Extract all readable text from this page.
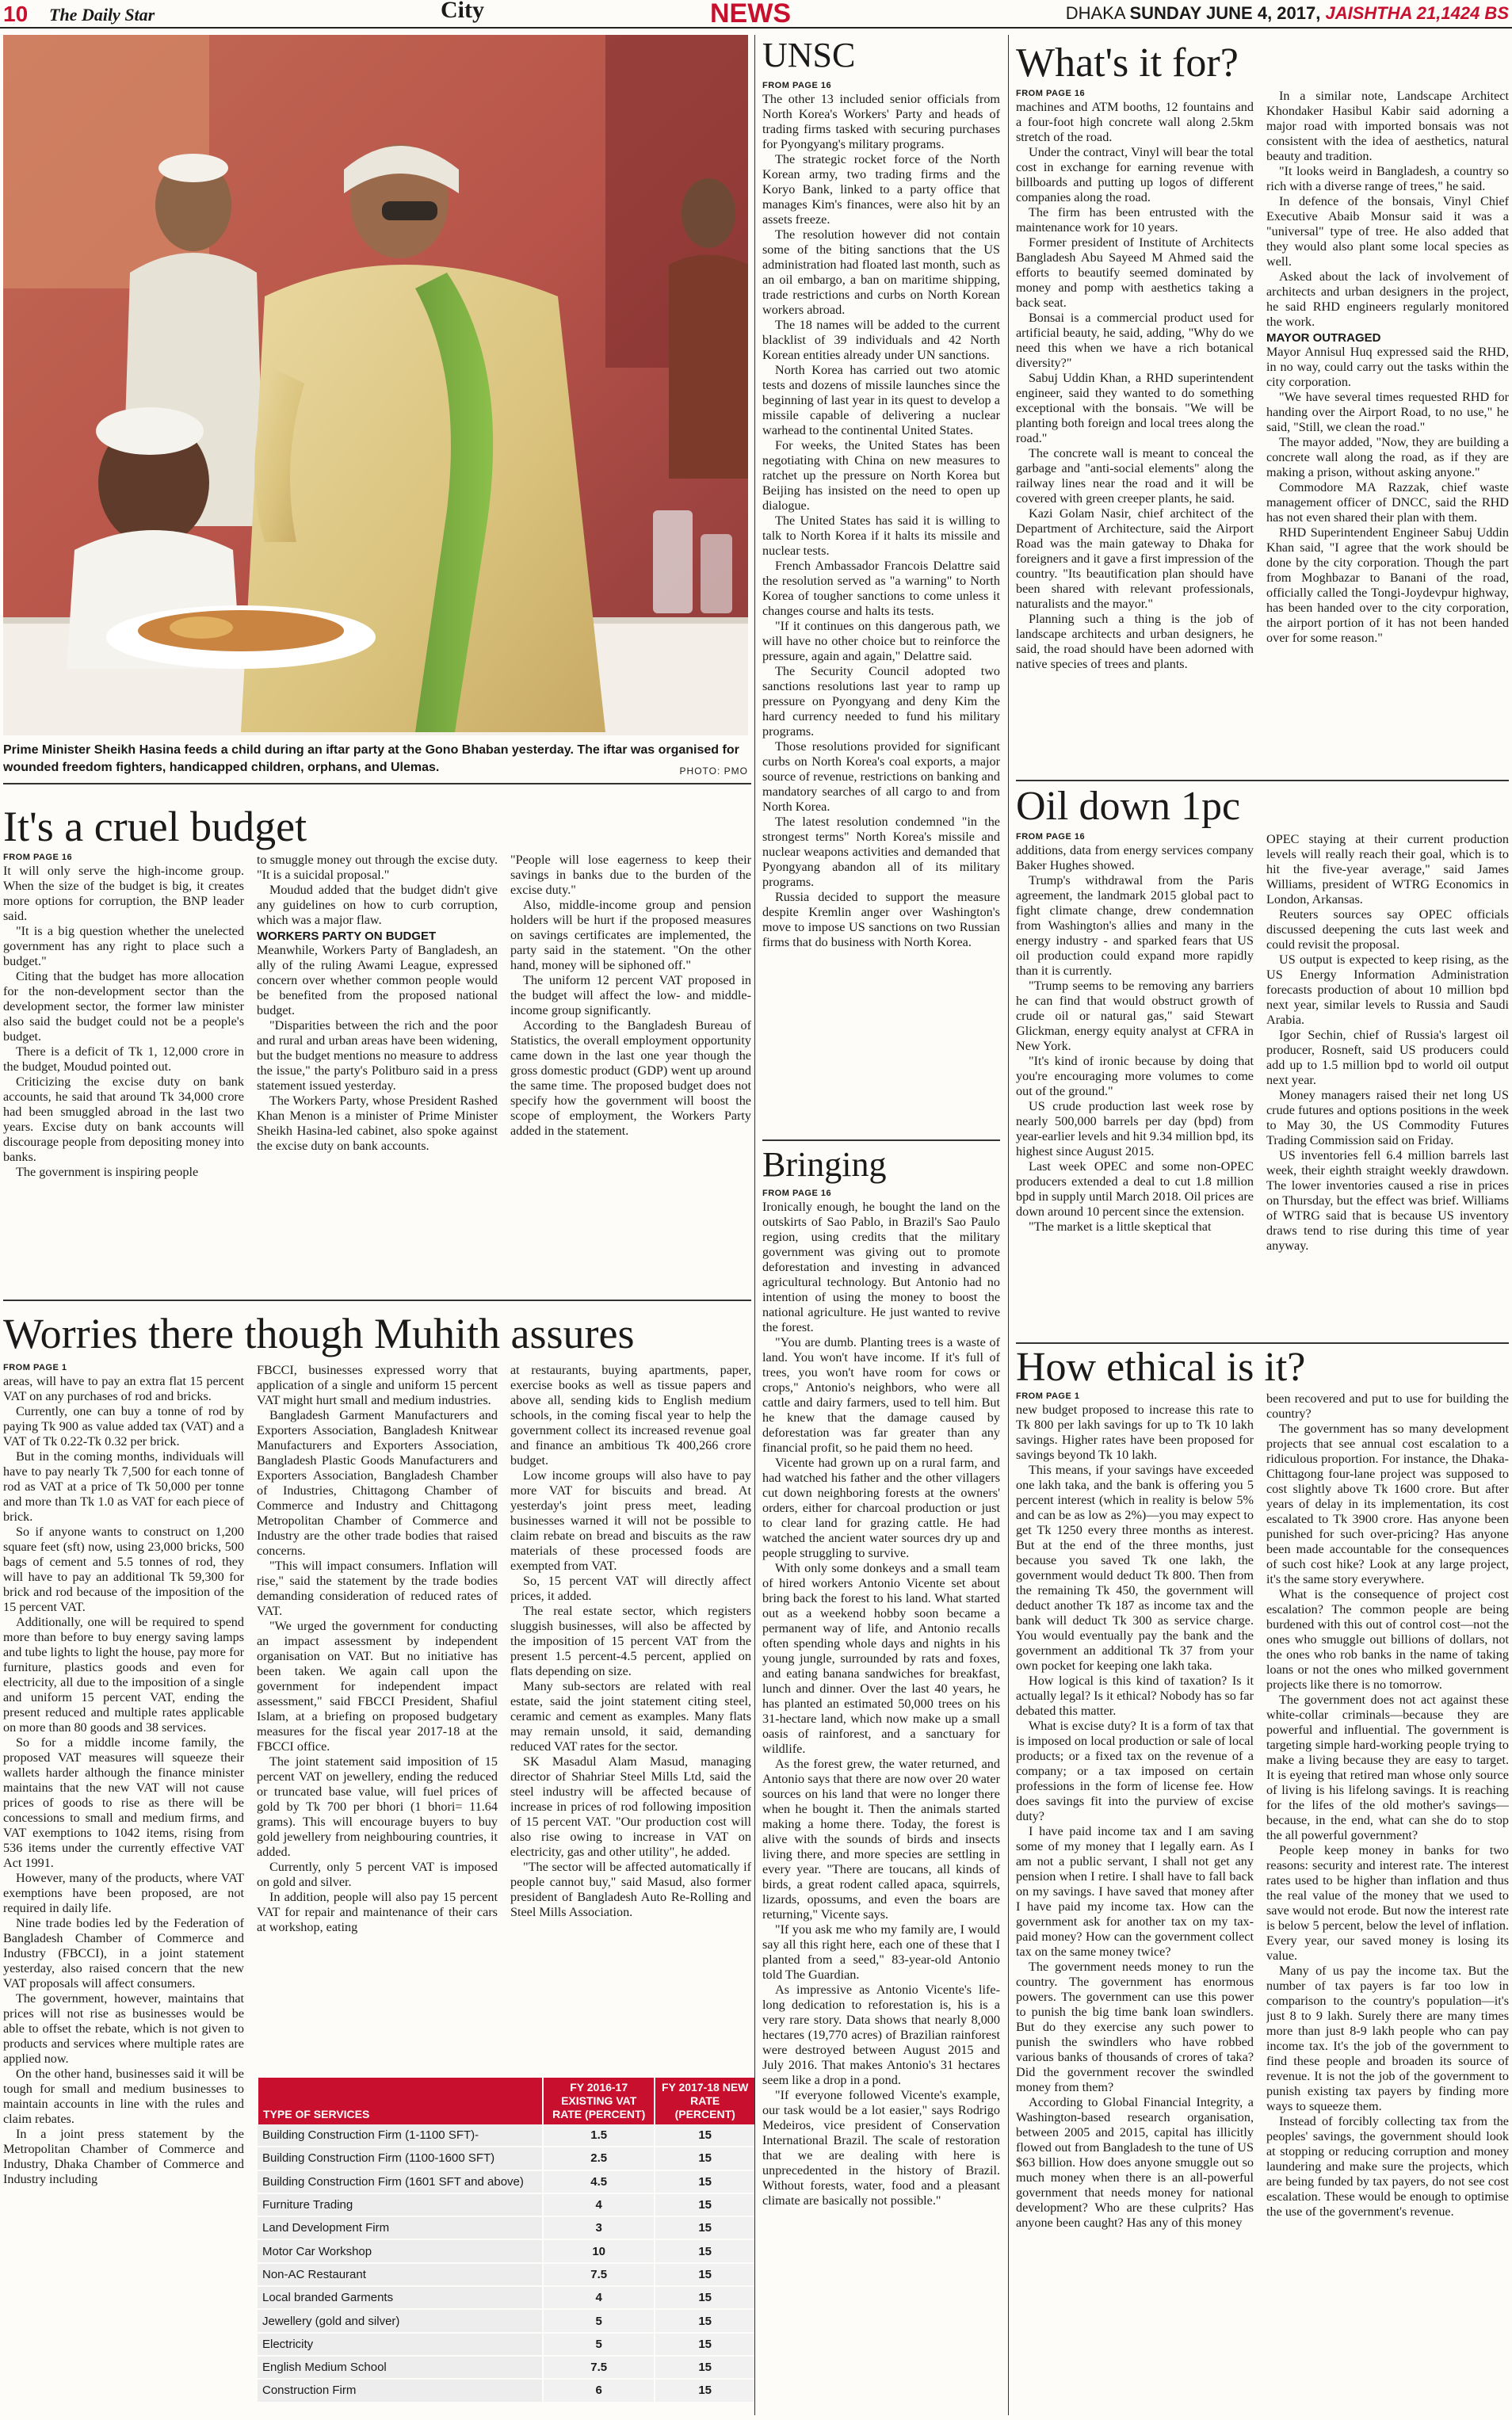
10 The Daily Star	City	NEWS	DHAKA SUNDAY JUNE 4, 2017, JAISHTHA 21,1424 BS
Prime Minister Sheikh Hasina feeds a child during an iftar party at the Gono Bhaban yesterday. The iftar was organised for wounded freedom fighters, handicapped children, orphans, and Ulemas.	PHOTO: PMO
It's a cruel budget
FROM PAGE 16

It will only serve the high-income group. When the size of the budget is big, it creates more options for corruption, the BNP leader said.

"It is a big question whether the unelected government has any right to place such a budget."

Citing that the budget has more allocation for the non-development sector than the development sector, the former law minister also said the budget could not be a people's budget.

There is a deficit of Tk 1, 12,000 crore in the budget, Moudud pointed out.

Criticizing the excise duty on bank accounts, he said that around Tk 34,000 crore had been smuggled abroad in the last two years. Excise duty on bank accounts will discourage people from depositing money into banks.

The government is inspiring people

to smuggle money out through the excise duty. "It is a suicidal proposal."

Moudud added that the budget didn't give any guidelines on how to curb corruption, which was a major flaw.

WORKERS PARTY ON BUDGET

Meanwhile, Workers Party of Bangladesh, an ally of the ruling Awami League, expressed concern over whether common people would be benefited from the proposed national budget.

"Disparities between the rich and the poor and rural and urban areas have been widening, but the budget mentions no measure to address the issue," the party's Politburo said in a press statement issued yesterday.

The Workers Party, whose President Rashed Khan Menon is a minister of Prime Minister Sheikh Hasina-led cabinet, also spoke against the excise duty on bank accounts.

"People will lose eagerness to keep their savings in banks due to the burden of the excise duty."

Also, middle-income group and pension holders will be hurt if the proposed measures on savings certificates are implemented, the party said in the statement. "On the other hand, money will be siphoned off."

The uniform 12 percent VAT proposed in the budget will affect the low- and middle- income group significantly.

According to the Bangladesh Bureau of Statistics, the overall employment opportunity came down in the last one year though the gross domestic product (GDP) went up around the same time. The proposed budget does not specify how the government will boost the scope of employment, the Workers Party added in the statement.

Worries there though Muhith assures
FROM PAGE 1

areas, will have to pay an extra flat 15 percent VAT on any purchases of rod and bricks.

Currently, one can buy a tonne of rod by paying Tk 900 as value added tax (VAT) and a VAT of Tk 0.22-Tk 0.32 per brick.

But in the coming months, individuals will have to pay nearly Tk 7,500 for each tonne of rod as VAT at a price of Tk 50,000 per tonne and more than Tk 1.0 as VAT for each piece of brick.

So if anyone wants to construct on 1,200 square feet (sft) now, using 23,000 bricks, 500 bags of cement and 5.5 tonnes of rod, they will have to pay an additional Tk 59,300 for brick and rod because of the imposition of the 15 percent VAT.

Additionally, one will be required to spend more than before to buy energy saving lamps and tube lights to light the house, pay more for furniture, plastics goods and even for electricity, all due to the imposition of a single and uniform 15 percent VAT, ending the present reduced and multiple rates applicable on more than 80 goods and 38 services.

So for a middle income family, the proposed VAT measures will squeeze their wallets harder although the finance minister maintains that the new VAT will not cause prices of goods to rise as there will be concessions to small and medium firms, and VAT exemptions to 1042 items, rising from 536 items under the currently effective VAT Act 1991.

However, many of the products, where VAT exemptions have been proposed, are not required in daily life.

Nine trade bodies led by the Federation of Bangladesh Chamber of Commerce and Industry (FBCCI), in a joint statement yesterday, also raised concern that the new VAT proposals will affect consumers.

The government, however, maintains that prices will not rise as businesses would be able to offset the rebate, which is not given to products and services where multiple rates are applied now.

On the other hand, businesses said it will be tough for small and medium businesses to maintain accounts in line with the rules and claim rebates.

In a joint press statement by the Metropolitan Chamber of Commerce and Industry, Dhaka Chamber of Commerce and Industry including

FBCCI, businesses expressed worry that application of a single and uniform 15 percent VAT might hurt small and medium industries.

Bangladesh Garment Manufacturers and Exporters Association, Bangladesh Knitwear Manufacturers and Exporters Association, Bangladesh Plastic Goods Manufacturers and Exporters Association, Bangladesh Chamber of Industries, Chittagong Chamber of Commerce and Industry and Chittagong Metropolitan Chamber of Commerce and Industry are the other trade bodies that raised concerns.

"This will impact consumers. Inflation will rise," said the statement by the trade bodies demanding consideration of reduced rates of VAT.

"We urged the government for conducting an impact assessment by independent organisation on VAT. But no initiative has been taken. We again call upon the government for independent impact assessment," said FBCCI President, Shafiul Islam, at a briefing on proposed budgetary measures for the fiscal year 2017-18 at the FBCCI office.

The joint statement said imposition of 15 percent VAT on jewellery, ending the reduced or truncated base value, will fuel prices of gold by Tk 700 per bhori (1 bhori= 11.64 grams). This will encourage buyers to buy gold jewellery from neighbouring countries, it added.

Currently, only 5 percent VAT is imposed on gold and silver.

In addition, people will also pay 15 percent VAT for repair and maintenance of their cars at workshop, eating

at restaurants, buying apartments, paper, exercise books as well as tissue papers and above all, sending kids to English medium schools, in the coming fiscal year to help the government collect its increased revenue goal and finance an ambitious Tk 400,266 crore budget.

Low income groups will also have to pay more VAT for biscuits and bread. At yesterday's joint press meet, leading businesses warned it will not be possible to claim rebate on bread and biscuits as the raw materials of these processed foods are exempted from VAT.

So, 15 percent VAT will directly affect prices, it added.

The real estate sector, which registers sluggish businesses, will also be affected by the imposition of 15 percent VAT from the present 1.5 percent-4.5 percent, applied on flats depending on size.

Many sub-sectors are related with real estate, said the joint statement citing steel, ceramic and cement as examples. Many flats may remain unsold, it said, demanding reduced VAT rates for the sector.

SK Masadul Alam Masud, managing director of Shahriar Steel Mills Ltd, said the steel industry will be affected because of increase in prices of rod following imposition of 15 percent VAT. "Our production cost will also rise owing to increase in VAT on electricity, gas and other utility", he added.

"The sector will be affected automatically if people cannot buy," said Masud, also former president of Bangladesh Auto Re-Rolling and Steel Mills Association.

TYPE OF SERVICES	FY 2016-17 EXISTING VAT RATE (PERCENT)	FY 2017-18 NEW RATE (PERCENT)
Building Construction Firm (1-1100 SFT)-	1.5	15
Building Construction Firm (1100-1600 SFT)	2.5	15
Building Construction Firm (1601 SFT and above)	4.5	15
Furniture Trading	4	15
Land Development Firm	3	15
Motor Car Workshop	10	15
Non-AC Restaurant	7.5	15
Local branded Garments	4	15
Jewellery (gold and silver)	5	15
Electricity	5	15
English Medium School	7.5	15
Construction Firm	6	15
UNSC
FROM PAGE 16

The other 13 included senior officials from North Korea's Workers' Party and heads of trading firms tasked with securing purchases for Pyongyang's military programs.

The strategic rocket force of the North Korean army, two trading firms and the Koryo Bank, linked to a party office that manages Kim's finances, were also hit by an assets freeze.

The resolution however did not contain some of the biting sanctions that the US administration had floated last month, such as an oil embargo, a ban on maritime shipping, trade restrictions and curbs on North Korean workers abroad.

The 18 names will be added to the current blacklist of 39 individuals and 42 North Korean entities already under UN sanctions.

North Korea has carried out two atomic tests and dozens of missile launches since the beginning of last year in its quest to develop a missile capable of delivering a nuclear warhead to the continental United States.

For weeks, the United States has been negotiating with China on new measures to ratchet up the pressure on North Korea but Beijing has insisted on the need to open up dialogue.

The United States has said it is willing to talk to North Korea if it halts its missile and nuclear tests.

French Ambassador Francois Delattre said the resolution served as "a warning" to North Korea of tougher sanctions to come unless it changes course and halts its tests.

"If it continues on this dangerous path, we will have no other choice but to reinforce the pressure, again and again," Delattre said.

The Security Council adopted two sanctions resolutions last year to ramp up pressure on Pyongyang and deny Kim the hard currency needed to fund his military programs.

Those resolutions provided for significant curbs on North Korea's coal exports, a major source of revenue, restrictions on banking and mandatory searches of all cargo to and from North Korea.

The latest resolution condemned "in the strongest terms" North Korea's missile and nuclear weapons activities and demanded that Pyongyang abandon all of its military programs.

Russia decided to support the measure despite Kremlin anger over Washington's move to impose US sanctions on two Russian firms that do business with North Korea.

Bringing
FROM PAGE 16

Ironically enough, he bought the land on the outskirts of Sao Pablo, in Brazil's Sao Paulo region, using credits that the military government was giving out to promote deforestation and investing in advanced agricultural technology. But Antonio had no intention of using the money to boost the national agriculture. He just wanted to revive the forest.

"You are dumb. Planting trees is a waste of land. You won't have income. If it's full of trees, you won't have room for cows or crops," Antonio's neighbors, who were all cattle and dairy farmers, used to tell him. But he knew that the damage caused by deforestation was far greater than any financial profit, so he paid them no heed.

Vicente had grown up on a rural farm, and had watched his father and the other villagers cut down neighboring forests at the owners' orders, either for charcoal production or just to clear land for grazing cattle. He had watched the ancient water sources dry up and people struggling to survive.

With only some donkeys and a small team of hired workers Antonio Vicente set about bring back the forest to his land. What started out as a weekend hobby soon became a permanent way of life, and Antonio recalls often spending whole days and nights in his young jungle, surrounded by rats and foxes, and eating banana sandwiches for breakfast, lunch and dinner. Over the last 40 years, he has planted an estimated 50,000 trees on his 31-hectare land, which now make up a small oasis of rainforest, and a sanctuary for wildlife.

As the forest grew, the water returned, and Antonio says that there are now over 20 water sources on his land that were no longer there when he bought it. Then the animals started making a home there. Today, the forest is alive with the sounds of birds and insects living there, and more species are settling in every year. "There are toucans, all kinds of birds, a great rodent called apaca, squirrels, lizards, opossums, and even the boars are returning," Vicente says.

"If you ask me who my family are, I would say all this right here, each one of these that I planted from a seed," 83-year-old Antonio told The Guardian.

As impressive as Antonio Vicente's life-long dedication to reforestation is, his is a very rare story. Data shows that nearly 8,000 hectares (19,770 acres) of Brazilian rainforest were destroyed between August 2015 and July 2016. That makes Antonio's 31 hectares seem like a drop in a pond.

"If everyone followed Vicente's example, our task would be a lot easier," says Rodrigo Medeiros, vice president of Conservation International Brazil. The scale of restoration that we are dealing with here is unprecedented in the history of Brazil. Without forests, water, food and a pleasant climate are basically not possible."

What's it for?
FROM PAGE 16

machines and ATM booths, 12 fountains and a four-foot high concrete wall along 2.5km stretch of the road.

Under the contract, Vinyl will bear the total cost in exchange for earning revenue with billboards and putting up logos of different companies along the road.

The firm has been entrusted with the maintenance work for 10 years.

Former president of Institute of Architects Bangladesh Abu Sayeed M Ahmed said the efforts to beautify seemed dominated by money and pomp with aesthetics taking a back seat.

Bonsai is a commercial product used for artificial beauty, he said, adding, "Why do we need this when we have a rich botanical diversity?"

Sabuj Uddin Khan, a RHD superintendent engineer, said they wanted to do something exceptional with the bonsais. "We will be planting both foreign and local trees along the road."

The concrete wall is meant to conceal the garbage and "anti-social elements" along the railway lines near the road and it will be covered with green creeper plants, he said.

Kazi Golam Nasir, chief architect of the Department of Architecture, said the Airport Road was the main gateway to Dhaka for foreigners and it gave a first impression of the country. "Its beautification plan should have been shared with relevant professionals, naturalists and the mayor."

Planning such a thing is the job of landscape architects and urban designers, he said, the road should have been adorned with native species of trees and plants.

In a similar note, Landscape Architect Khondaker Hasibul Kabir said adorning a major road with imported bonsais was not consistent with the idea of aesthetics, natural beauty and tradition.

"It looks weird in Bangladesh, a country so rich with a diverse range of trees," he said.

In defence of the bonsais, Vinyl Chief Executive Abaib Monsur said it was a "universal" type of tree. He also added that they would also plant some local species as well.

Asked about the lack of involvement of architects and urban designers in the project, he said RHD engineers regularly monitored the work.

MAYOR OUTRAGED

Mayor Annisul Huq expressed said the RHD, in no way, could carry out the tasks within the city corporation.

"We have several times requested RHD for handing over the Airport Road, to no use," he said, "Still, we clean the road."

The mayor added, "Now, they are building a concrete wall along the road, as if they are making a prison, without asking anyone."

Commodore MA Razzak, chief waste management officer of DNCC, said the RHD has not even shared their plan with them.

RHD Superintendent Engineer Sabuj Uddin Khan said, "I agree that the work should be done by the city corporation. Though the part from Moghbazar to Banani of the road, officially called the Tongi-Joydevpur highway, has been handed over to the city corporation, the airport portion of it has not been handed over for some reason."

Oil down 1pc
FROM PAGE 16

additions, data from energy services company Baker Hughes showed.

Trump's withdrawal from the Paris agreement, the landmark 2015 global pact to fight climate change, drew condemnation from Washington's allies and many in the energy industry - and sparked fears that US oil production could expand more rapidly than it is currently.

"Trump seems to be removing any barriers he can find that would obstruct growth of crude oil or natural gas," said Stewart Glickman, energy equity analyst at CFRA in New York.

"It's kind of ironic because by doing that you're encouraging more volumes to come out of the ground."

US crude production last week rose by nearly 500,000 barrels per day (bpd) from year-earlier levels and hit 9.34 million bpd, its highest since August 2015.

Last week OPEC and some non-OPEC producers extended a deal to cut 1.8 million bpd in supply until March 2018. Oil prices are down around 10 percent since the extension.

"The market is a little skeptical that

OPEC staying at their current production levels will really reach their goal, which is to hit the five-year average," said James Williams, president of WTRG Economics in London, Arkansas.

Reuters sources say OPEC officials discussed deepening the cuts last week and could revisit the proposal.

US output is expected to keep rising, as the US Energy Information Administration forecasts production of about 10 million bpd next year, similar levels to Russia and Saudi Arabia.

Igor Sechin, chief of Russia's largest oil producer, Rosneft, said US producers could add up to 1.5 million bpd to world oil output next year.

Money managers raised their net long US crude futures and options positions in the week to May 30, the US Commodity Futures Trading Commission said on Friday.

US inventories fell 6.4 million barrels last week, their eighth straight weekly drawdown. The lower inventories caused a rise in prices on Thursday, but the effect was brief. Williams of WTRG said that is because US inventory draws tend to rise during this time of year anyway.

How ethical is it?
FROM PAGE 1

new budget proposed to increase this rate to Tk 800 per lakh savings for up to Tk 10 lakh savings. Higher rates have been proposed for savings beyond Tk 10 lakh.

This means, if your savings have exceeded one lakh taka, and the bank is offering you 5 percent interest (which in reality is below 5% and can be as low as 2%)—you may expect to get Tk 1250 every three months as interest. But at the end of the three months, just because you saved Tk one lakh, the government would deduct Tk 800. Then from the remaining Tk 450, the government will deduct another Tk 187 as income tax and the bank will deduct Tk 300 as service charge. You would eventually pay the bank and the government an additional Tk 37 from your own pocket for keeping one lakh taka.

How logical is this kind of taxation? Is it actually legal? Is it ethical? Nobody has so far debated this matter.

What is excise duty? It is a form of tax that is imposed on local production or sale of local products; or a fixed tax on the revenue of a company; or a tax imposed on certain professions in the form of license fee. How does savings fit into the purview of excise duty?

I have paid income tax and I am saving some of my money that I legally earn. As I am not a public servant, I shall not get any pension when I retire. I shall have to fall back on my savings. I have saved that money after I have paid my income tax. How can the government ask for another tax on my tax-paid money? How can the government collect tax on the same money twice?

The government needs money to run the country. The government has enormous powers. The government can use this power to punish the big time bank loan swindlers. But do they exercise any such power to punish the swindlers who have robbed various banks of thousands of crores of taka? Did the government recover the swindled money from them?

According to Global Financial Integrity, a Washington-based research organisation, between 2005 and 2015, capital has illicitly flowed out from Bangladesh to the tune of US $63 billion. How does anyone smuggle out so much money when there is an all-powerful government that needs money for national development? Who are these culprits? Has anyone been caught? Has any of this money

been recovered and put to use for building the country?

The government has so many development projects that see annual cost escalation to a ridiculous proportion. For instance, the Dhaka-Chittagong four-lane project was supposed to cost slightly above Tk 1600 crore. But after years of delay in its implementation, its cost escalated to Tk 3900 crore. Has anyone been punished for such over-pricing? Has anyone been made accountable for the consequences of such cost hike? Look at any large project, it's the same story everywhere.

What is the consequence of project cost escalation? The common people are being burdened with this out of control cost—not the ones who smuggle out billions of dollars, not the ones who rob banks in the name of taking loans or not the ones who milked government projects like there is no tomorrow.

The government does not act against these white-collar criminals—because they are powerful and influential. The government is targeting simple hard-working people trying to make a living because they are easy to target. It is eyeing that retired man whose only source of living is his lifelong savings. It is reaching for the lifes of the old mother's savings—because, in the end, what can she do to stop the all powerful government?

People keep money in banks for two reasons: security and interest rate. The interest rates used to be higher than inflation and thus the real value of the money that we used to save would not erode. But now the interest rate is below 5 percent, below the level of inflation. Every year, our saved money is losing its value.

Many of us pay the income tax. But the number of tax payers is far too low in comparison to the country's population—it's just 8 to 9 lakh. Surely there are many times more than just 8-9 lakh people who can pay income tax. It's the job of the government to find these people and broaden its source of revenue. It is not the job of the government to punish existing tax payers by finding more ways to squeeze them.

Instead of forcibly collecting tax from the peoples' savings, the government should look at stopping or reducing corruption and money laundering and make sure the projects, which are being funded by tax payers, do not see cost escalation. These would be enough to optimise the use of the government's revenue.
